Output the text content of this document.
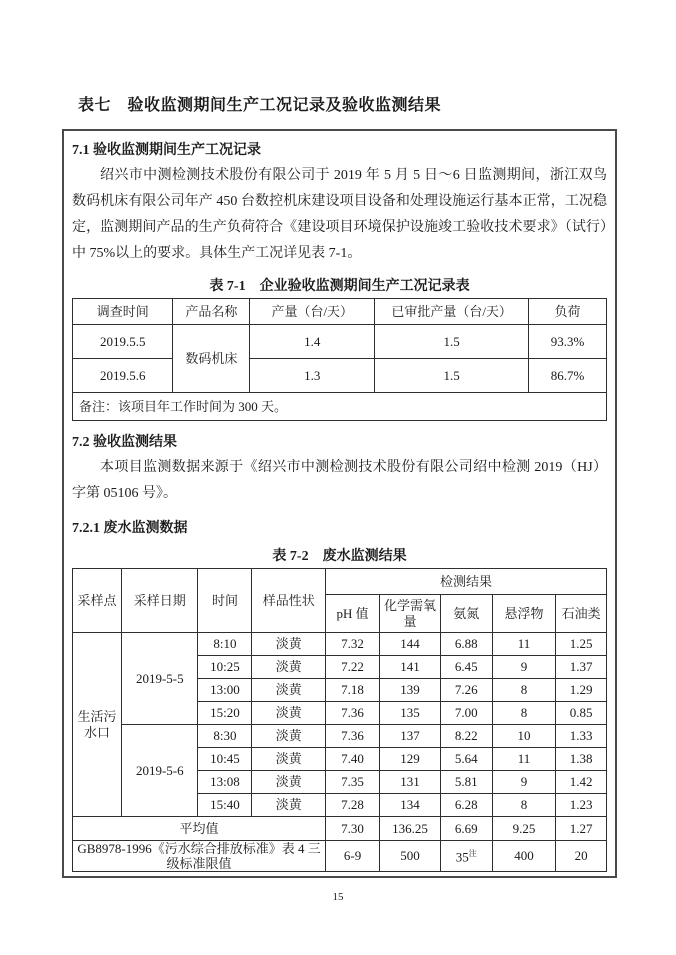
表七　验收监测期间生产工况记录及验收监测结果
7.1 验收监测期间生产工况记录
绍兴市中测检测技术股份有限公司于 2019 年 5 月 5 日～6 日监测期间，浙江双鸟数码机床有限公司年产 450 台数控机床建设项目设备和处理设施运行基本正常，工况稳定，监测期间产品的生产负荷符合《建设项目环境保护设施竣工验收技术要求》（试行）中 75%以上的要求。具体生产工况详见表 7-1。
表 7-1　企业验收监测期间生产工况记录表
调查时间	产品名称	产量（台/天）	已审批产量（台/天）	负荷
2019.5.5	数码机床	1.4	1.5	93.3%
2019.5.6		1.3	1.5	86.7%
备注：该项目年工作时间为 300 天。				
7.2 验收监测结果
本项目监测数据来源于《绍兴市中测检测技术股份有限公司绍中检测 2019（HJ）字第 05106 号》。
7.2.1 废水监测数据
表 7-2　废水监测结果
采样点	采样日期	时间	样品性状	检测结果				
				pH 值	化学需氧量	氨氮	悬浮物	石油类
生活污水口	2019-5-5	8:10	淡黄	7.32	144	6.88	11	1.25
		10:25	淡黄	7.22	141	6.45	9	1.37
		13:00	淡黄	7.18	139	7.26	8	1.29
		15:20	淡黄	7.36	135	7.00	8	0.85
	2019-5-6	8:30	淡黄	7.36	137	8.22	10	1.33
		10:45	淡黄	7.40	129	5.64	11	1.38
		13:08	淡黄	7.35	131	5.81	9	1.42
		15:40	淡黄	7.28	134	6.28	8	1.23
平均值				7.30	136.25	6.69	9.25	1.27
GB8978-1996《污水综合排放标准》表 4 三级标准限值				6-9	500	$35^注$	400	20
15
